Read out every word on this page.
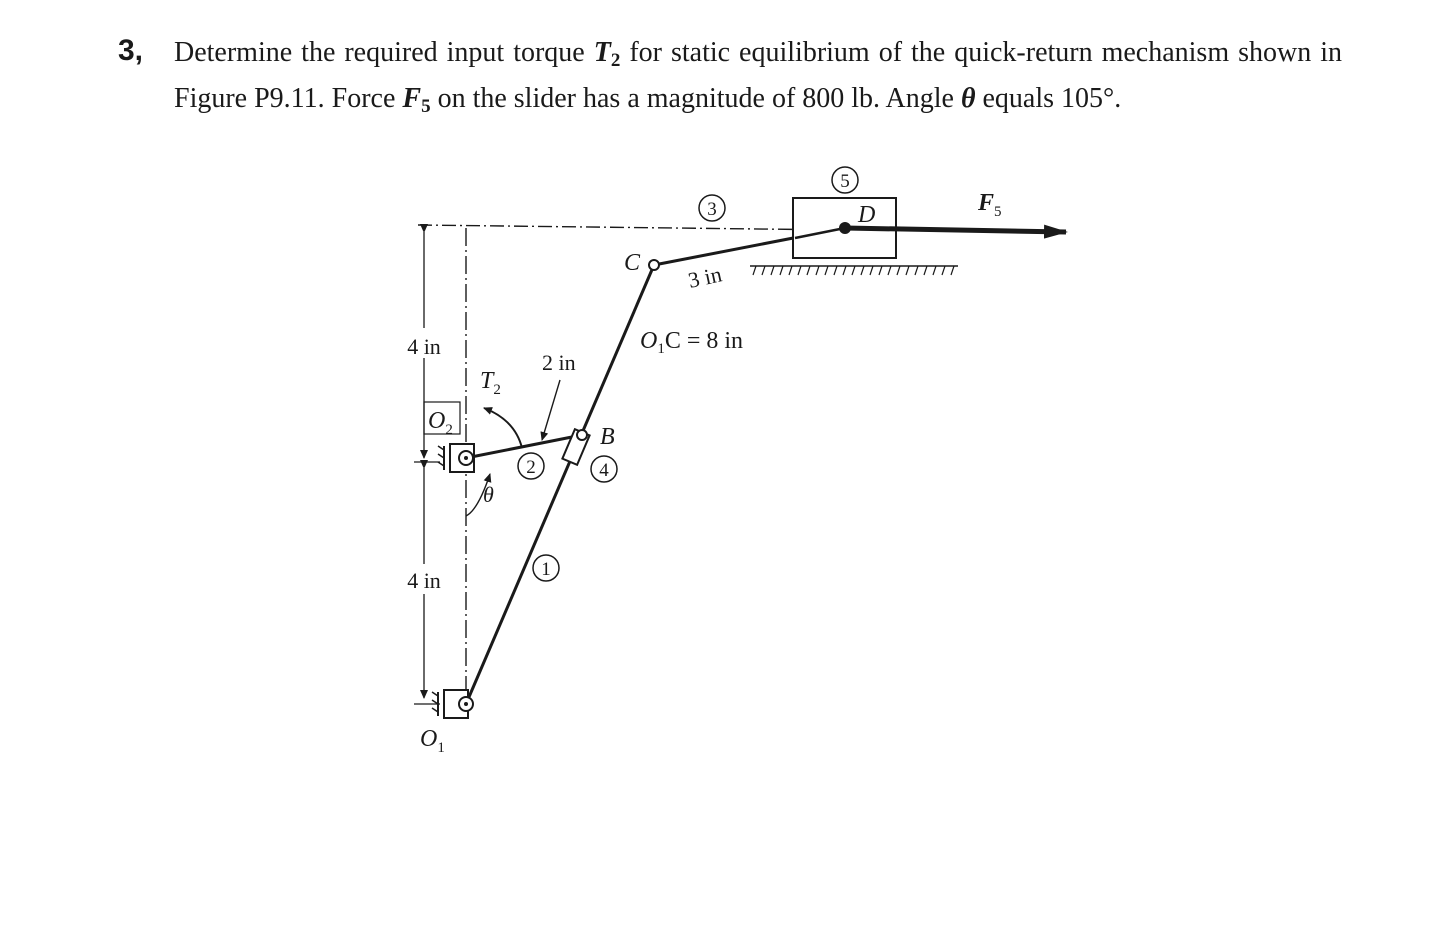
3, Determine the required input torque $T_2$ for static equilibrium of the quick-return mechanism shown in Figure P9.11. Force $F_5$ on the slider has a magnitude of 800 lb. Angle θ equals 105°.
4 in
4 in
2 in
3 in
$O_1C = 8$ in
$T_2$
θ
$O_2$
$O_1$
B
C
D	$F_5$
1
2
3
4
5
